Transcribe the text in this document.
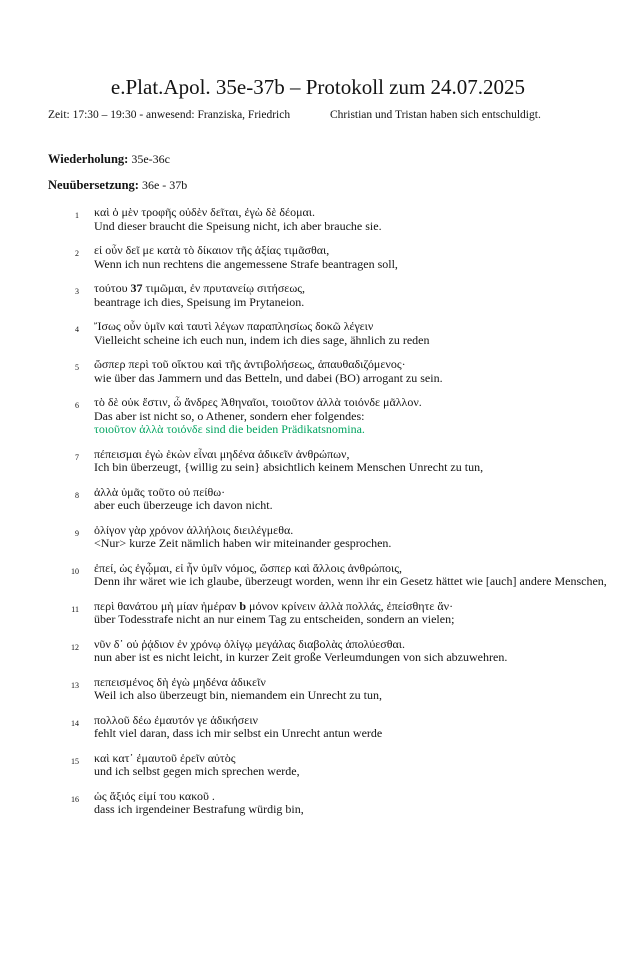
e.Plat.Apol. 35e-37b – Protokoll zum 24.07.2025
Zeit: 17:30 – 19:30 - anwesend: Franziska, Friedrich	Christian und Tristan haben sich entschuldigt.
Wiederholung: 35e-36c
Neuübersetzung: 36e - 37b
1 καὶ ὁ μὲν τροφῆς οὐδὲν δεῖται, ἐγὼ δὲ δέομαι.
Und dieser braucht die Speisung nicht, ich aber brauche sie.
2 εἰ οὖν δεῖ με κατὰ τὸ δίκαιον τῆς ἀξίας τιμᾶσθαι,
Wenn ich nun rechtens die angemessene Strafe beantragen soll,
3 τούτου 37 τιμῶμαι, ἐν πρυτανείῳ σιτήσεως,
beantrage ich dies, Speisung im Prytaneion.
4 Ἴσως οὖν ὑμῖν καὶ ταυτὶ λέγων παραπλησίως δοκῶ λέγειν
Vielleicht scheine ich euch nun, indem ich dies sage, ähnlich zu reden
5 ὥσπερ περὶ τοῦ οἴκτου καὶ τῆς ἀντιβολήσεως, ἀπαυθαδιζόμενος·
wie über das Jammern und das Betteln, und dabei (BO) arrogant zu sein.
6 τὸ δὲ οὐκ ἔστιν, ὦ ἄνδρες Ἀθηναῖοι, τοιοῦτον ἀλλὰ τοιόνδε μᾶλλον.
Das aber ist nicht so, o Athener, sondern eher folgendes:
τοιοῦτον ἀλλὰ τοιόνδε sind die beiden Prädikatsnomina.
7 πέπεισμαι ἐγὼ ἑκὼν εἶναι μηδένα ἀδικεῖν ἀνθρώπων,
Ich bin überzeugt, {willig zu sein} absichtlich keinem Menschen Unrecht zu tun,
8 ἀλλὰ ὑμᾶς τοῦτο οὐ πείθω·
aber euch überzeuge ich davon nicht.
9 ὀλίγον γὰρ χρόνον ἀλλήλοις διειλέγμεθα.
<Nur> kurze Zeit nämlich haben wir miteinander gesprochen.
10 ἐπεί, ὡς ἐγᾦμαι, εἰ ἦν ὑμῖν νόμος, ὥσπερ καὶ ἄλλοις ἀνθρώποις,
Denn ihr wäret wie ich glaube, überzeugt worden, wenn ihr ein Gesetz hättet wie [auch] andere Menschen,
11 περὶ θανάτου μὴ μίαν ἡμέραν b μόνον κρίνειν ἀλλὰ πολλάς, ἐπείσθητε ἄν·
über Todesstrafe nicht an nur einem Tag zu entscheiden, sondern an vielen;
12 νῦν δ᾽ οὐ ῥᾴδιον ἐν χρόνῳ ὀλίγῳ μεγάλας διαβολὰς ἀπολύεσθαι.
nun aber ist es nicht leicht, in kurzer Zeit große Verleumdungen von sich abzuwehren.
13 πεπεισμένος δὴ ἐγὼ μηδένα ἀδικεῖν
Weil ich also überzeugt bin, niemandem ein Unrecht zu tun,
14 πολλοῦ δέω ἐμαυτόν γε ἀδικήσειν
fehlt viel daran, dass ich mir selbst ein Unrecht antun werde
15 καὶ κατ᾽ ἐμαυτοῦ ἐρεῖν αὐτὸς
und ich selbst gegen mich sprechen werde,
16 ὡς ἄξιός εἰμί του κακοῦ .
dass ich irgendeiner Bestrafung würdig bin,
